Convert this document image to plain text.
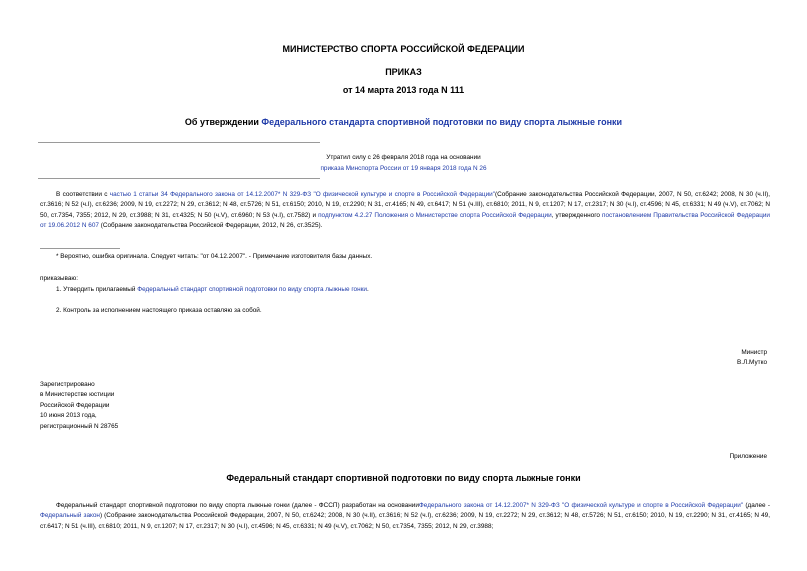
МИНИСТЕРСТВО СПОРТА РОССИЙСКОЙ ФЕДЕРАЦИИ
ПРИКАЗ
от 14 марта 2013 года N 111
Об утверждении Федерального стандарта спортивной подготовки по виду спорта лыжные гонки
Утратил силу с 26 февраля 2018 года на основании
приказа Минспорта России от 19 января 2018 года N 26
В соответствии с частью 1 статьи 34 Федерального закона от 14.12.2007* N 329-ФЗ "О физической культуре и спорте в Российской Федерации"(Собрание законодательства Российской Федерации, 2007, N 50, ст.6242; 2008, N 30 (ч.II), ст.3616; N 52 (ч.I), ст.6236; 2009, N 19, ст.2272; N 29, ст.3612; N 48, ст.5726; N 51, ст.6150; 2010, N 19, ст.2290; N 31, ст.4165; N 49, ст.6417; N 51 (ч.III), ст.6810; 2011, N 9, ст.1207; N 17, ст.2317; N 30 (ч.I), ст.4596; N 45, ст.6331; N 49 (ч.V), ст.7062; N 50, ст.7354, 7355; 2012, N 29, ст.3988; N 31, ст.4325; N 50 (ч.V), ст.6960; N 53 (ч.I), ст.7582) и подпунктом 4.2.27 Положения о Министерстве спорта Российской Федерации, утвержденного постановлением Правительства Российской Федерации от 19.06.2012 N 607 (Собрание законодательства Российской Федерации, 2012, N 26, ст.3525).
* Вероятно, ошибка оригинала. Следует читать: "от 04.12.2007". - Примечание изготовителя базы данных.
приказываю:
1. Утвердить прилагаемый Федеральный стандарт спортивной подготовки по виду спорта лыжные гонки.
2. Контроль за исполнением настоящего приказа оставляю за собой.
Министр
В.Л.Мутко
Зарегистрировано
в Министерстве юстиции
Российской Федерации
10 июня 2013 года,
регистрационный N 28765
Приложение
Федеральный стандарт спортивной подготовки по виду спорта лыжные гонки
Федеральный стандарт спортивной подготовки по виду спорта лыжные гонки (далее - ФССП) разработан на основанииФедерального закона от 14.12.2007* N 329-ФЗ "О физической культуре и спорте в Российской Федерации" (далее - Федеральный закон) (Собрание законодательства Российской Федерации, 2007, N 50, ст.6242; 2008, N 30 (ч.II), ст.3616; N 52 (ч.I), ст.6236; 2009, N 19, ст.2272; N 29, ст.3612; N 48, ст.5726; N 51, ст.6150; 2010, N 19, ст.2290; N 31, ст.4165; N 49, ст.6417; N 51 (ч.III), ст.6810; 2011, N 9, ст.1207; N 17, ст.2317; N 30 (ч.I), ст.4596; N 45, ст.6331; N 49 (ч.V), ст.7062; N 50, ст.7354, 7355; 2012, N 29, ст.3988;
